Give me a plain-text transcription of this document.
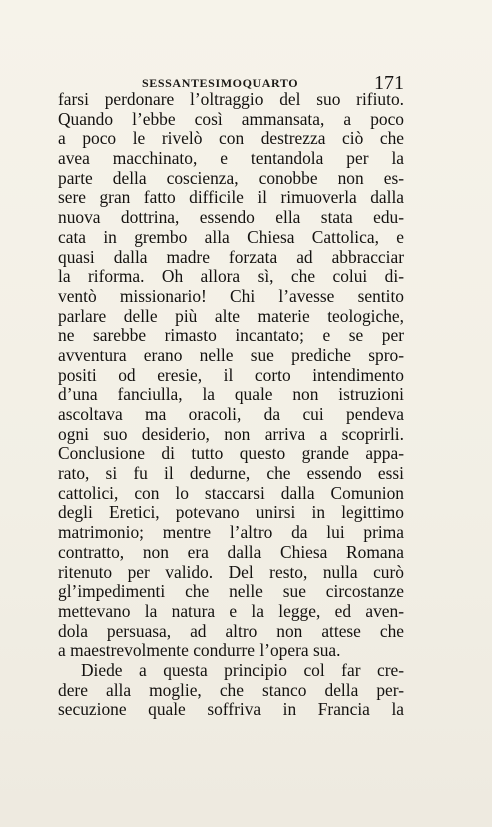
SESSANTESIMOQUARTO	171
farsi perdonare l’oltraggio del suo rifiuto.
Quando l’ebbe così ammansata, a poco
a poco le rivelò con destrezza ciò che
avea macchinato, e tentandola per la
parte della coscienza, conobbe non es-
sere gran fatto difficile il rimuoverla dalla
nuova dottrina, essendo ella stata edu-
cata in grembo alla Chiesa Cattolica, e
quasi dalla madre forzata ad abbracciar
la riforma. Oh allora sì, che colui di-
ventò missionario! Chi l’avesse sentito
parlare delle più alte materie teologiche,
ne sarebbe rimasto incantato; e se per
avventura erano nelle sue prediche spro-
positi od eresie, il corto intendimento
d’una fanciulla, la quale non istruzioni
ascoltava ma oracoli, da cui pendeva
ogni suo desiderio, non arriva a scoprirli.
Conclusione di tutto questo grande appa-
rato, si fu il dedurne, che essendo essi
cattolici, con lo staccarsi dalla Comunion
degli Eretici, potevano unirsi in legittimo
matrimonio; mentre l’altro da lui prima
contratto, non era dalla Chiesa Romana
ritenuto per valido. Del resto, nulla curò
gl’impedimenti che nelle sue circostanze
mettevano la natura e la legge, ed aven-
dola persuasa, ad altro non attese che
a maestrevolmente condurre l’opera sua.
Diede a questa principio col far cre-
dere alla moglie, che stanco della per-
secuzione quale soffriva in Francia la
